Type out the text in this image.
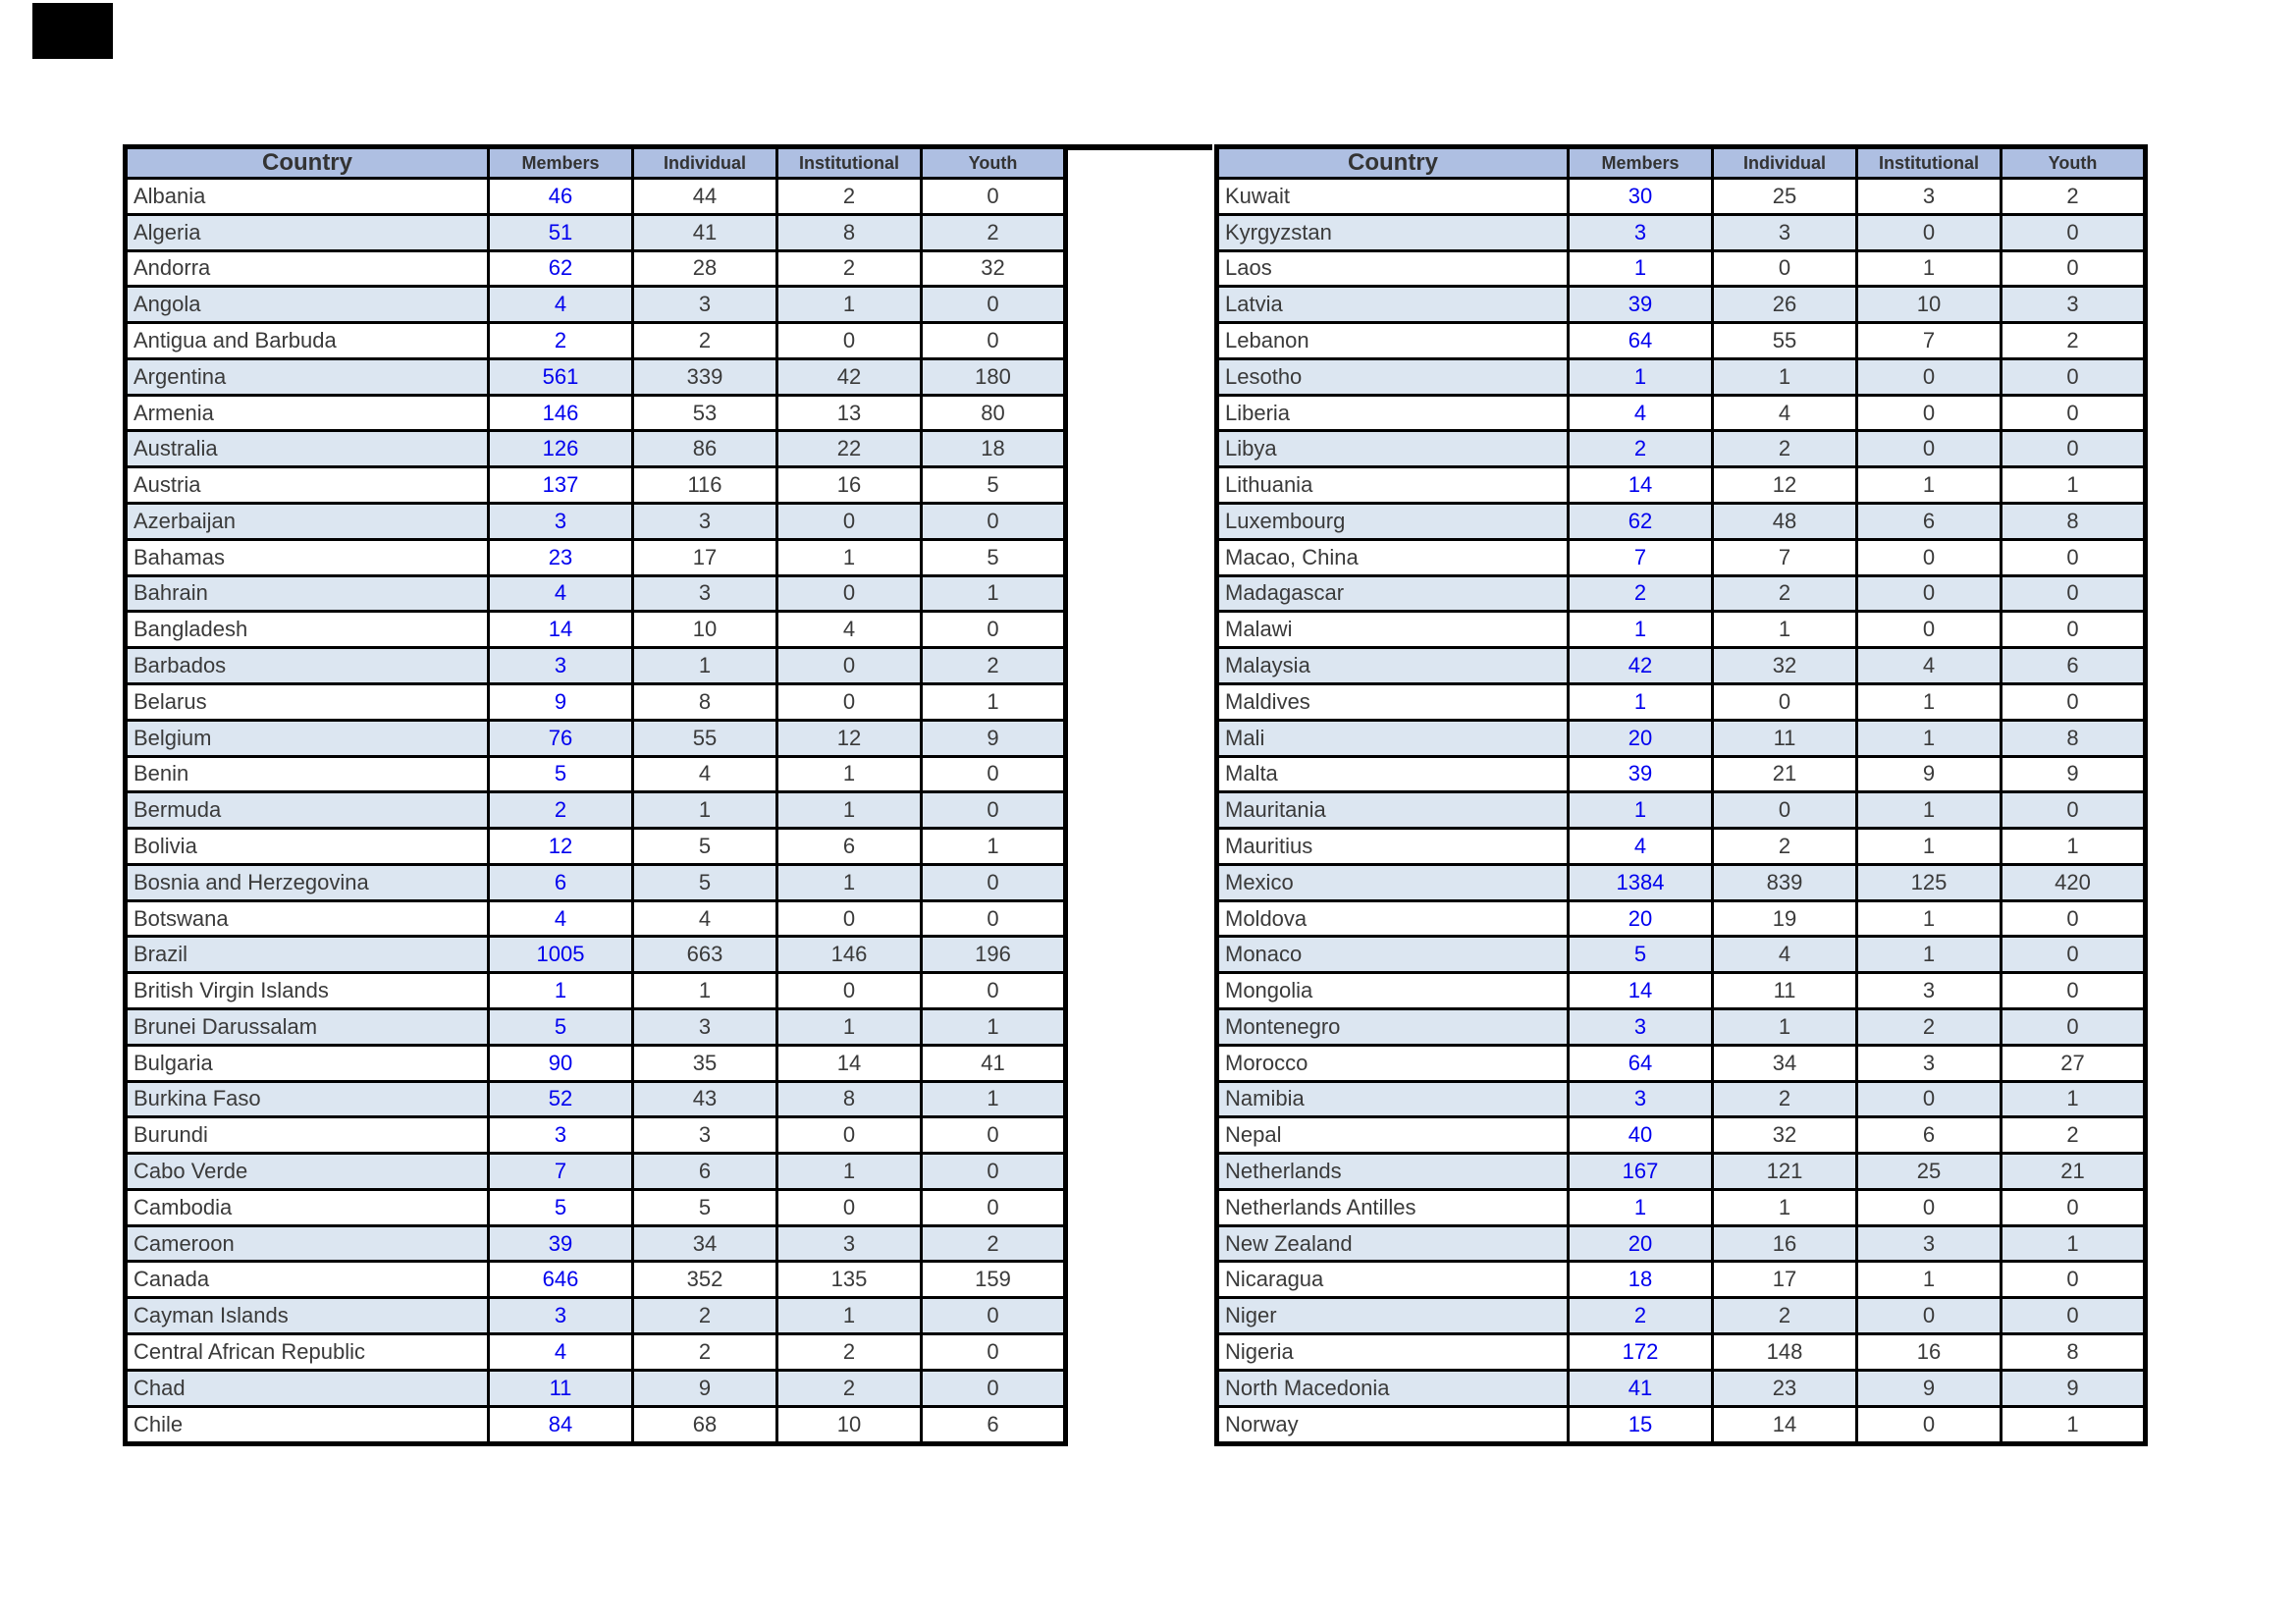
Country	Members	Individual	Institutional	Youth
Albania	46	44	2	0
Algeria	51	41	8	2
Andorra	62	28	2	32
Angola	4	3	1	0
Antigua and Barbuda	2	2	0	0
Argentina	561	339	42	180
Armenia	146	53	13	80
Australia	126	86	22	18
Austria	137	116	16	5
Azerbaijan	3	3	0	0
Bahamas	23	17	1	5
Bahrain	4	3	0	1
Bangladesh	14	10	4	0
Barbados	3	1	0	2
Belarus	9	8	0	1
Belgium	76	55	12	9
Benin	5	4	1	0
Bermuda	2	1	1	0
Bolivia	12	5	6	1
Bosnia and Herzegovina	6	5	1	0
Botswana	4	4	0	0
Brazil	1005	663	146	196
British Virgin Islands	1	1	0	0
Brunei Darussalam	5	3	1	1
Bulgaria	90	35	14	41
Burkina Faso	52	43	8	1
Burundi	3	3	0	0
Cabo Verde	7	6	1	0
Cambodia	5	5	0	0
Cameroon	39	34	3	2
Canada	646	352	135	159
Cayman Islands	3	2	1	0
Central African Republic	4	2	2	0
Chad	11	9	2	0
Chile	84	68	10	6
Country	Members	Individual	Institutional	Youth
Kuwait	30	25	3	2
Kyrgyzstan	3	3	0	0
Laos	1	0	1	0
Latvia	39	26	10	3
Lebanon	64	55	7	2
Lesotho	1	1	0	0
Liberia	4	4	0	0
Libya	2	2	0	0
Lithuania	14	12	1	1
Luxembourg	62	48	6	8
Macao, China	7	7	0	0
Madagascar	2	2	0	0
Malawi	1	1	0	0
Malaysia	42	32	4	6
Maldives	1	0	1	0
Mali	20	11	1	8
Malta	39	21	9	9
Mauritania	1	0	1	0
Mauritius	4	2	1	1
Mexico	1384	839	125	420
Moldova	20	19	1	0
Monaco	5	4	1	0
Mongolia	14	11	3	0
Montenegro	3	1	2	0
Morocco	64	34	3	27
Namibia	3	2	0	1
Nepal	40	32	6	2
Netherlands	167	121	25	21
Netherlands Antilles	1	1	0	0
New Zealand	20	16	3	1
Nicaragua	18	17	1	0
Niger	2	2	0	0
Nigeria	172	148	16	8
North Macedonia	41	23	9	9
Norway	15	14	0	1
